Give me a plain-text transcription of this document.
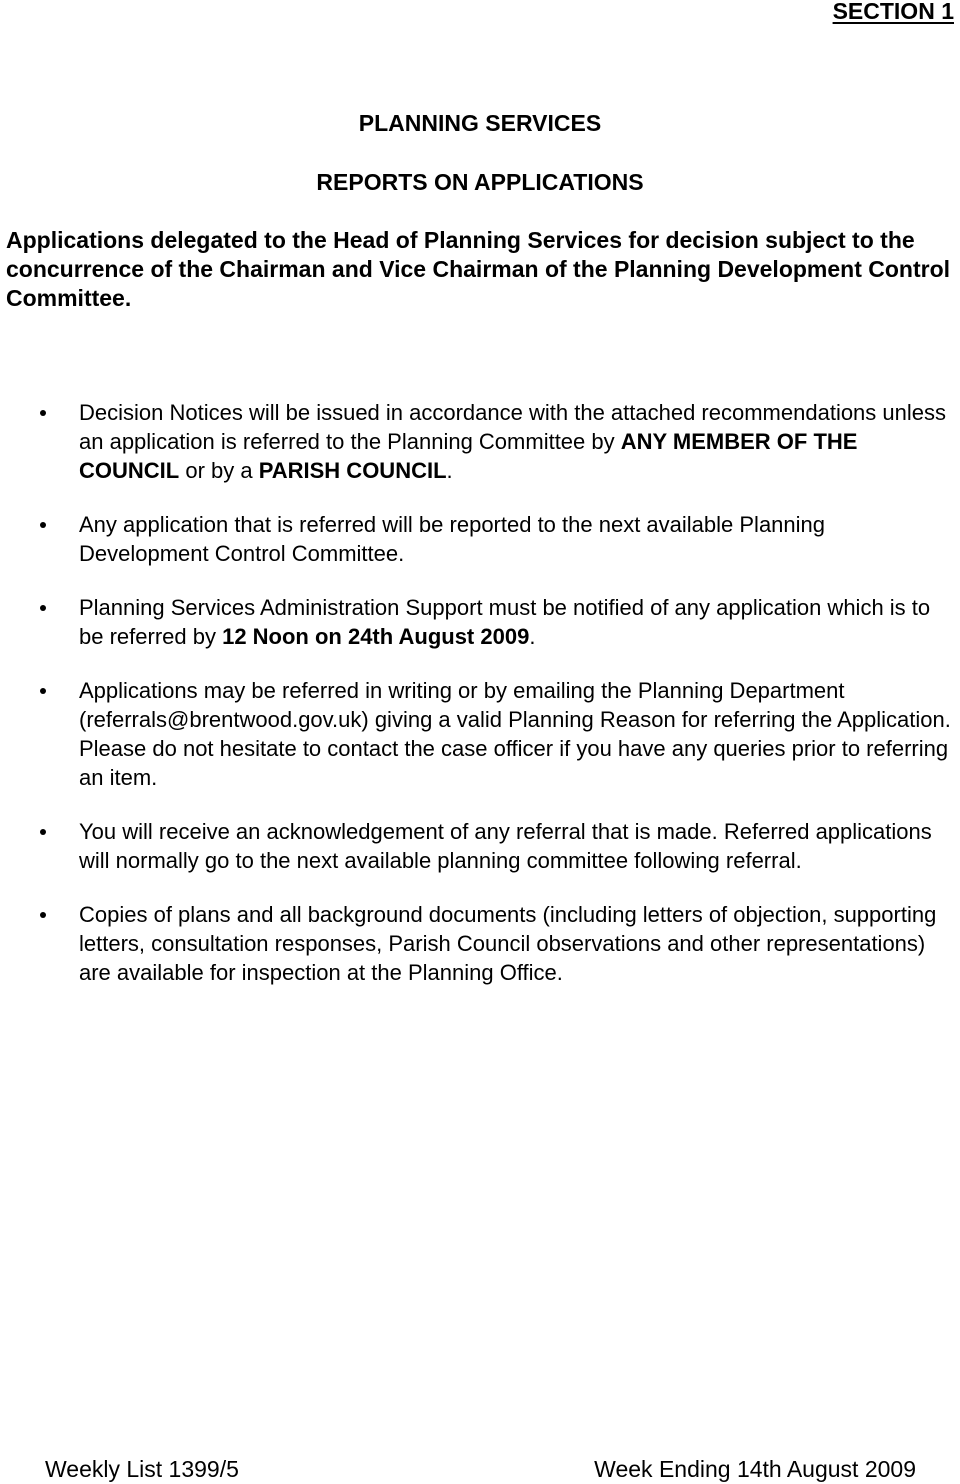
SECTION 1
PLANNING SERVICES
REPORTS ON APPLICATIONS
Applications delegated to the Head of Planning Services for decision subject to the concurrence of the Chairman and Vice Chairman of the Planning Development Control Committee.
Decision Notices will be issued in accordance with the attached recommendations unless an application is referred to the Planning Committee by ANY MEMBER OF THE COUNCIL or by a PARISH COUNCIL.
Any application that is referred will be reported to the next available Planning Development Control Committee.
Planning Services Administration Support must be notified of any application which is to be referred by 12 Noon on 24th August 2009.
Applications may be referred in writing or by emailing the Planning Department (referrals@brentwood.gov.uk) giving a valid Planning Reason for referring the Application. Please do not hesitate to contact the case officer if you have any queries prior to referring an item.
You will receive an acknowledgement of any referral that is made. Referred applications will normally go to the next available planning committee following referral.
Copies of plans and all background documents (including letters of objection, supporting letters, consultation responses, Parish Council observations and other representations) are available for inspection at the Planning Office.
Weekly List 1399/5	Week Ending 14th August 2009
